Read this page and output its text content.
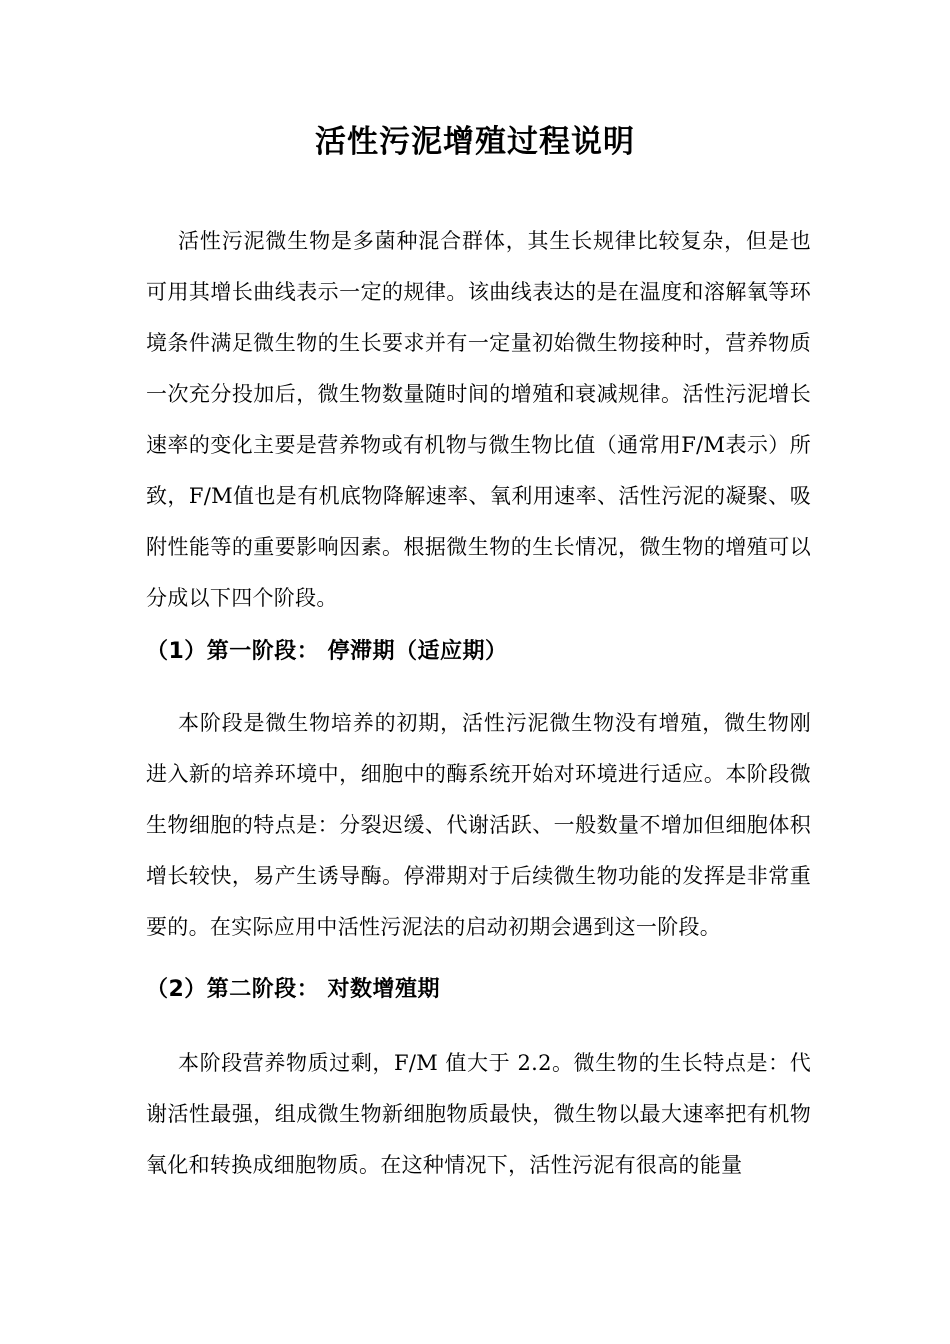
活性污泥增殖过程说明

活性污泥微生物是多菌种混合群体，其生长规律比较复杂，但是也可用其增长曲线表示一定的规律。该曲线表达的是在温度和溶解氧等环境条件满足微生物的生长要求并有一定量初始微生物接种时，营养物质一次充分投加后，微生物数量随时间的增殖和衰减规律。活性污泥增长速率的变化主要是营养物或有机物与微生物比值（通常用F/M表示）所致，F/M值也是有机底物降解速率、氧利用速率、活性污泥的凝聚、吸附性能等的重要影响因素。根据微生物的生长情况，微生物的增殖可以分成以下四个阶段。

（1）第一阶段： 停滞期（适应期）

本阶段是微生物培养的初期，活性污泥微生物没有增殖，微生物刚进入新的培养环境中，细胞中的酶系统开始对环境进行适应。本阶段微生物细胞的特点是：分裂迟缓、代谢活跃、一般数量不增加但细胞体积增长较快，易产生诱导酶。停滞期对于后续微生物功能的发挥是非常重要的。在实际应用中活性污泥法的启动初期会遇到这一阶段。

（2）第二阶段： 对数增殖期

本阶段营养物质过剩，F/M 值大于 2.2。微生物的生长特点是：代谢活性最强，组成微生物新细胞物质最快，微生物以最大速率把有机物氧化和转换成细胞物质。在这种情况下，活性污泥有很高的能量
